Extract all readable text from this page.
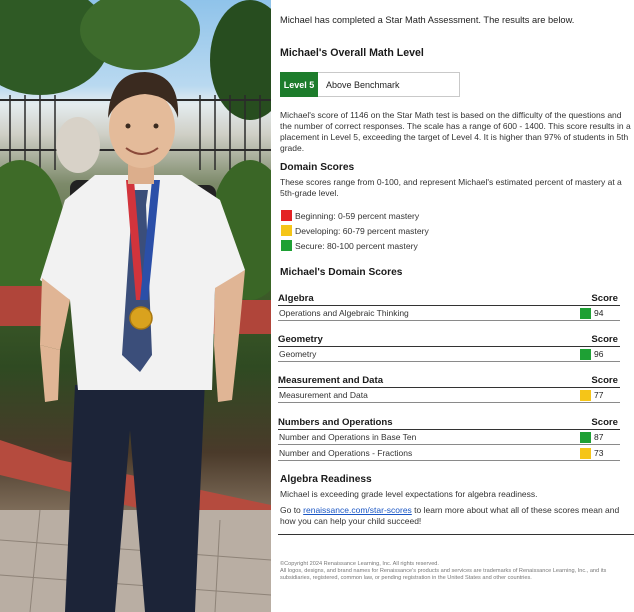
Michael has completed a Star Math Assessment. The results are below.
Michael's Overall Math Level
Level 5	Above Benchmark
Michael's score of 1146 on the Star Math test is based on the difficulty of the questions and the number of correct responses. The scale has a range of 600 - 1400. This score results in a placement in Level 5, exceeding the target of Level 4. It is higher than 97% of students in 5th grade.
Domain Scores
These scores range from 0-100, and represent Michael's estimated percent of mastery at a 5th-grade level.
Beginning: 0-59 percent mastery
Developing: 60-79 percent mastery
Secure: 80-100 percent mastery
Michael's Domain Scores
Algebra	Score
Operations and Algebraic Thinking	94
Geometry	Score
Geometry	96
Measurement and Data	Score
Measurement and Data	77
Numbers and Operations	Score
Number and Operations in Base Ten	87
Number and Operations - Fractions	73
Algebra Readiness
Michael is exceeding grade level expectations for algebra readiness.
Go to renaissance.com/star-scores to learn more about what all of these scores mean and how you can help your child succeed!
©Copyright 2024 Renaissance Learning, Inc. All rights reserved.
All logos, designs, and brand names for Renaissance's products and services are trademarks of Renaissance Learning, Inc., and its subsidiaries, registered, common law, or pending registration in the United States and other countries.
